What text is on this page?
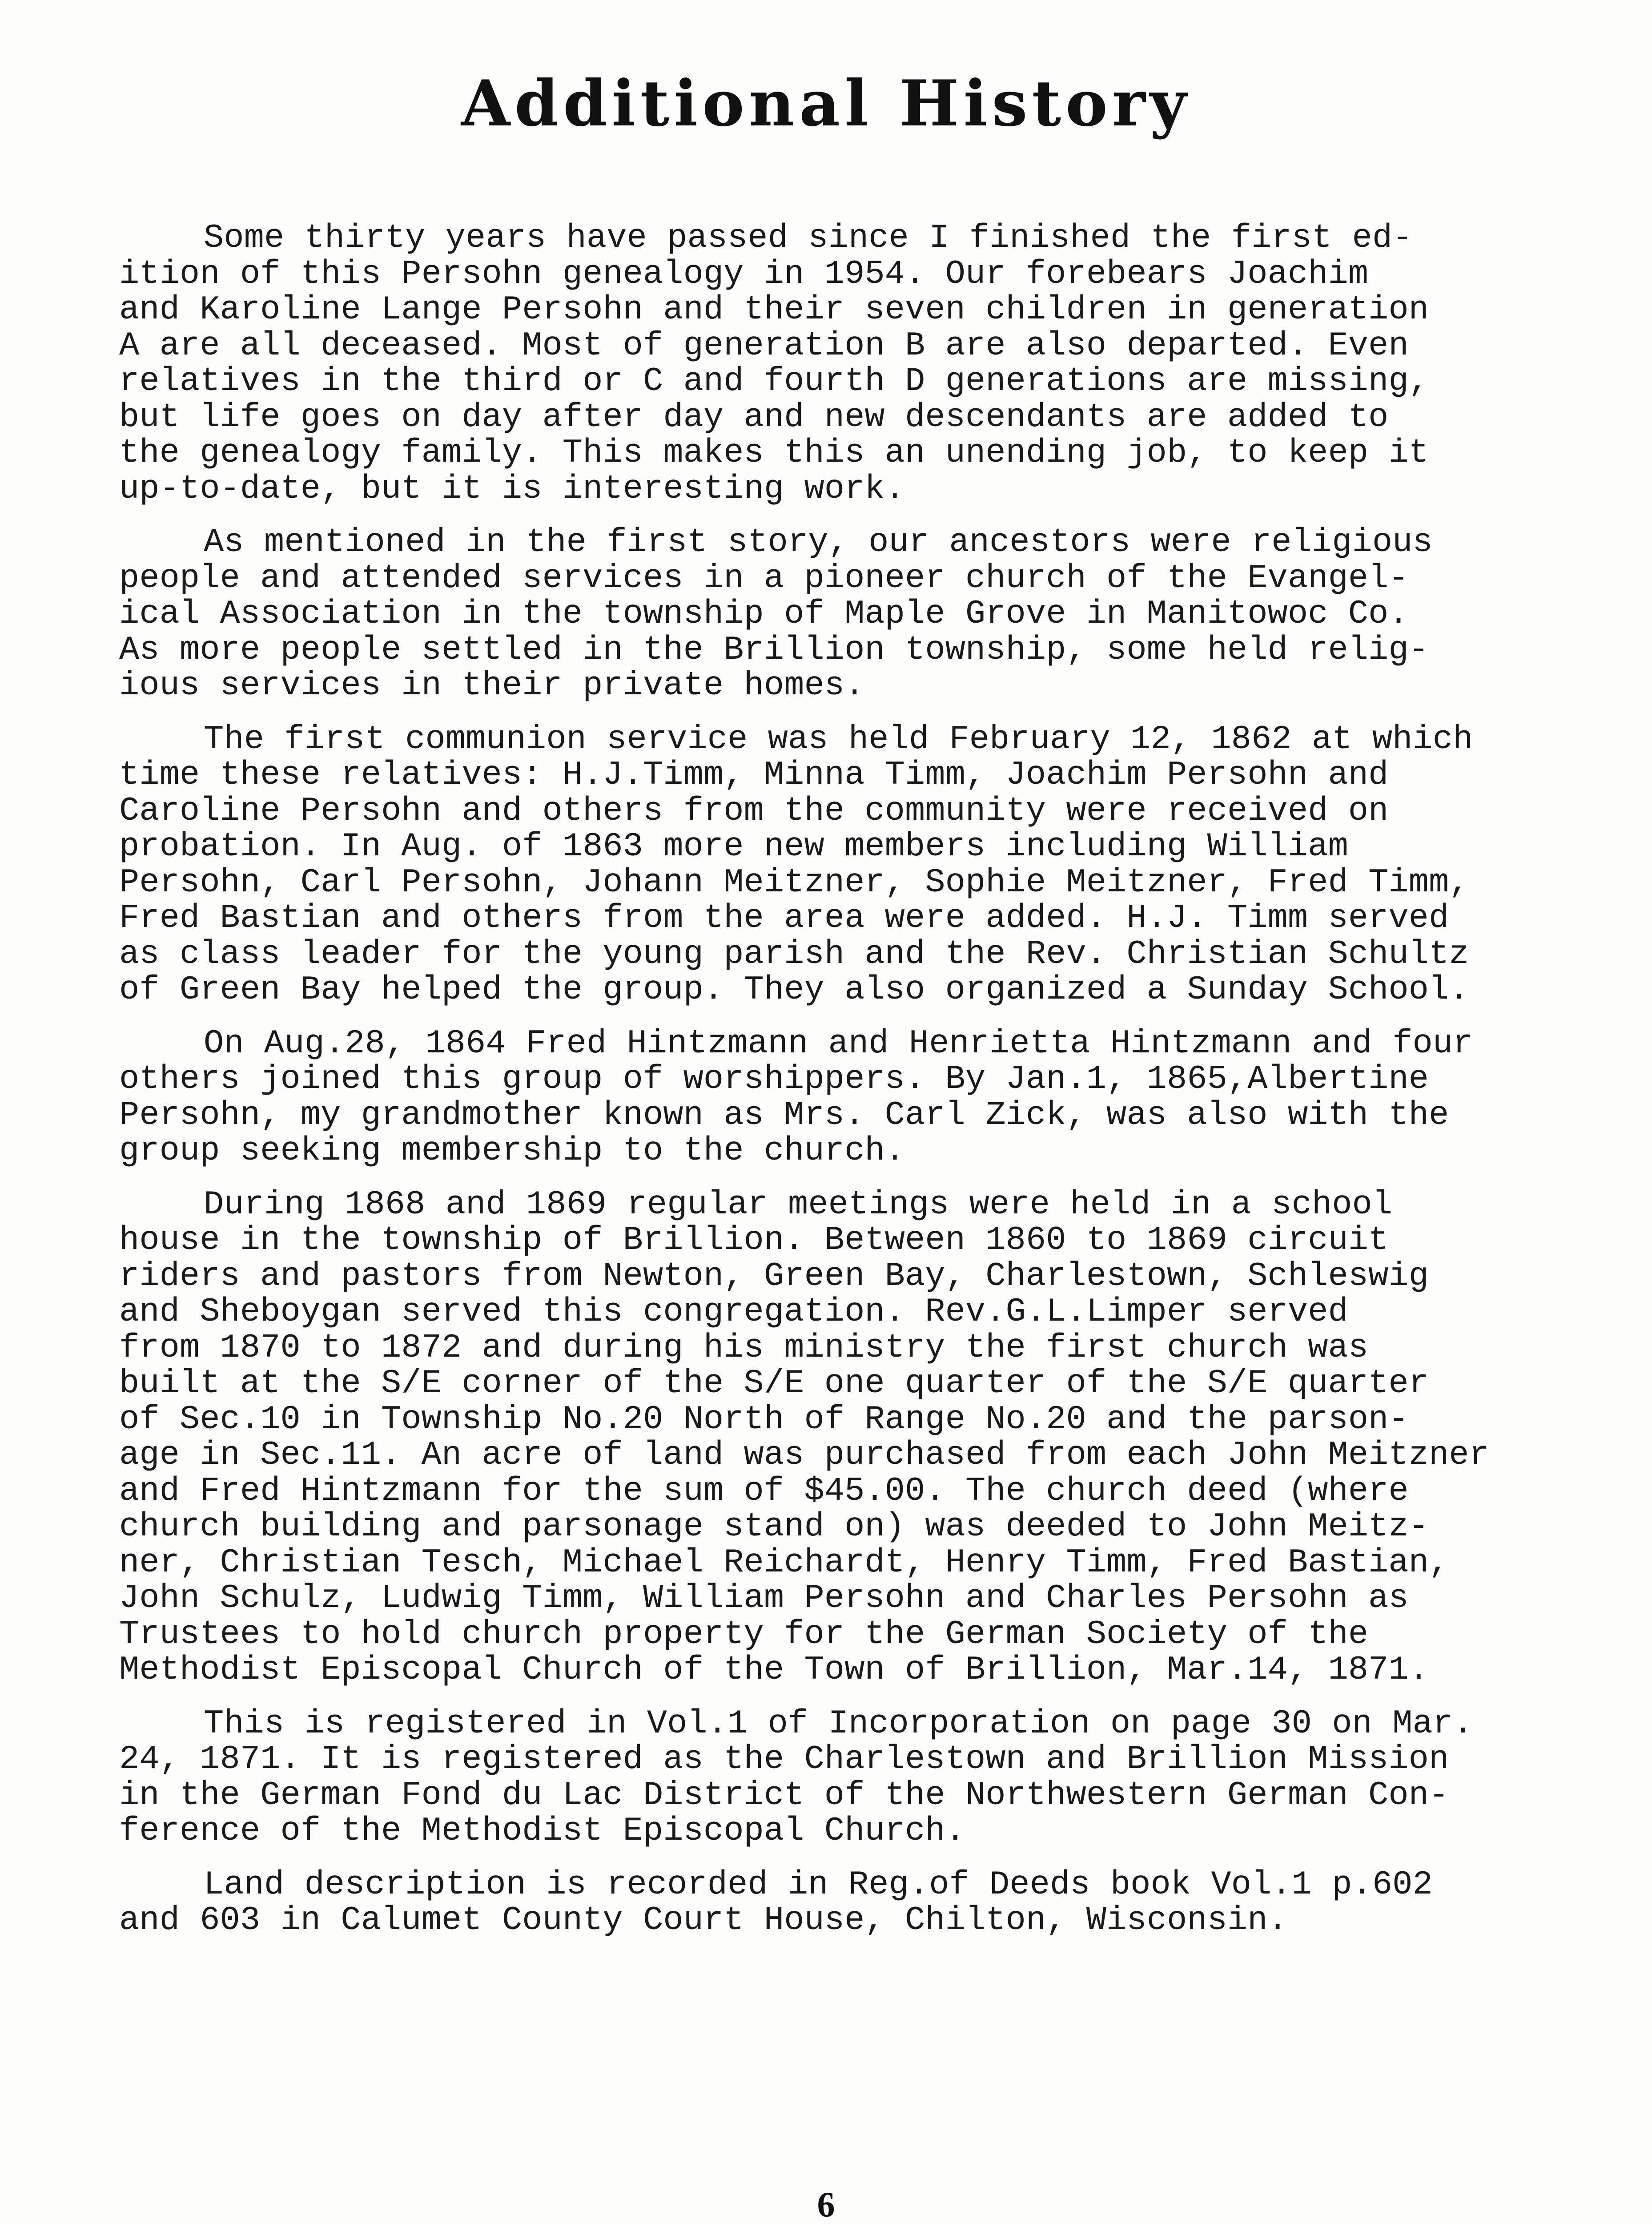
Additional History
Some thirty years have passed since I finished the first ed-
ition of this Persohn genealogy in 1954. Our forebears Joachim
and Karoline Lange Persohn and their seven children in generation
A are all deceased. Most of generation B are also departed. Even
relatives in the third or C and fourth D generations are missing,
but life goes on day after day and new descendants are added to
the genealogy family. This makes this an unending job, to keep it
up-to-date, but it is interesting work.
As mentioned in the first story, our ancestors were religious
people and attended services in a pioneer church of the Evangel-
ical Association in the township of Maple Grove in Manitowoc Co.
As more people settled in the Brillion township, some held relig-
ious services in their private homes.
The first communion service was held February 12, 1862 at which
time these relatives: H.J.Timm, Minna Timm, Joachim Persohn and
Caroline Persohn and others from the community were received on
probation. In Aug. of 1863 more new members including William
Persohn, Carl Persohn, Johann Meitzner, Sophie Meitzner, Fred Timm,
Fred Bastian and others from the area were added. H.J. Timm served
as class leader for the young parish and the Rev. Christian Schultz
of Green Bay helped the group. They also organized a Sunday School.
On Aug.28, 1864 Fred Hintzmann and Henrietta Hintzmann and four
others joined this group of worshippers. By Jan.1, 1865,Albertine
Persohn, my grandmother known as Mrs. Carl Zick, was also with the
group seeking membership to the church.
During 1868 and 1869 regular meetings were held in a school
house in the township of Brillion. Between 1860 to 1869 circuit
riders and pastors from Newton, Green Bay, Charlestown, Schleswig
and Sheboygan served this congregation. Rev.G.L.Limper served
from 1870 to 1872 and during his ministry the first church was
built at the S/E corner of the S/E one quarter of the S/E quarter
of Sec.10 in Township No.20 North of Range No.20 and the parson-
age in Sec.11. An acre of land was purchased from each John Meitzner
and Fred Hintzmann for the sum of $45.00. The church deed (where
church building and parsonage stand on) was deeded to John Meitz-
ner, Christian Tesch, Michael Reichardt, Henry Timm, Fred Bastian,
John Schulz, Ludwig Timm, William Persohn and Charles Persohn as
Trustees to hold church property for the German Society of the
Methodist Episcopal Church of the Town of Brillion, Mar.14, 1871.
This is registered in Vol.1 of Incorporation on page 30 on Mar.
24, 1871. It is registered as the Charlestown and Brillion Mission
in the German Fond du Lac District of the Northwestern German Con-
ference of the Methodist Episcopal Church.
Land description is recorded in Reg.of Deeds book Vol.1 p.602
and 603 in Calumet County Court House, Chilton, Wisconsin.
6
